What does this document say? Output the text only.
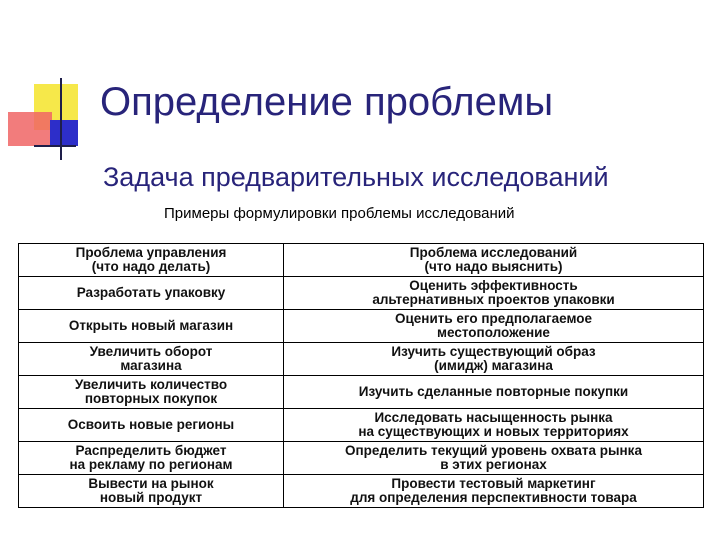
Определение проблемы
Задача предварительных исследований
Примеры формулировки проблемы исследований
Проблема управления
(что надо делать)	Проблема исследований
(что надо выяснить)

Разработать упаковку	Оценить эффективность
альтернативных проектов упаковки

Открыть новый магазин	Оценить его предполагаемое
местоположение

Увеличить оборот
магазина	Изучить существующий образ
(имидж) магазина

Увеличить количество
повторных покупок	Изучить сделанные повторные покупки

Освоить новые регионы	Исследовать насыщенность рынка
на существующих и новых территориях

Распределить бюджет
на рекламу по регионам	Определить текущий уровень охвата рынка
в этих регионах

Вывести на рынок
новый продукт	Провести тестовый маркетинг
для определения перспективности товара
